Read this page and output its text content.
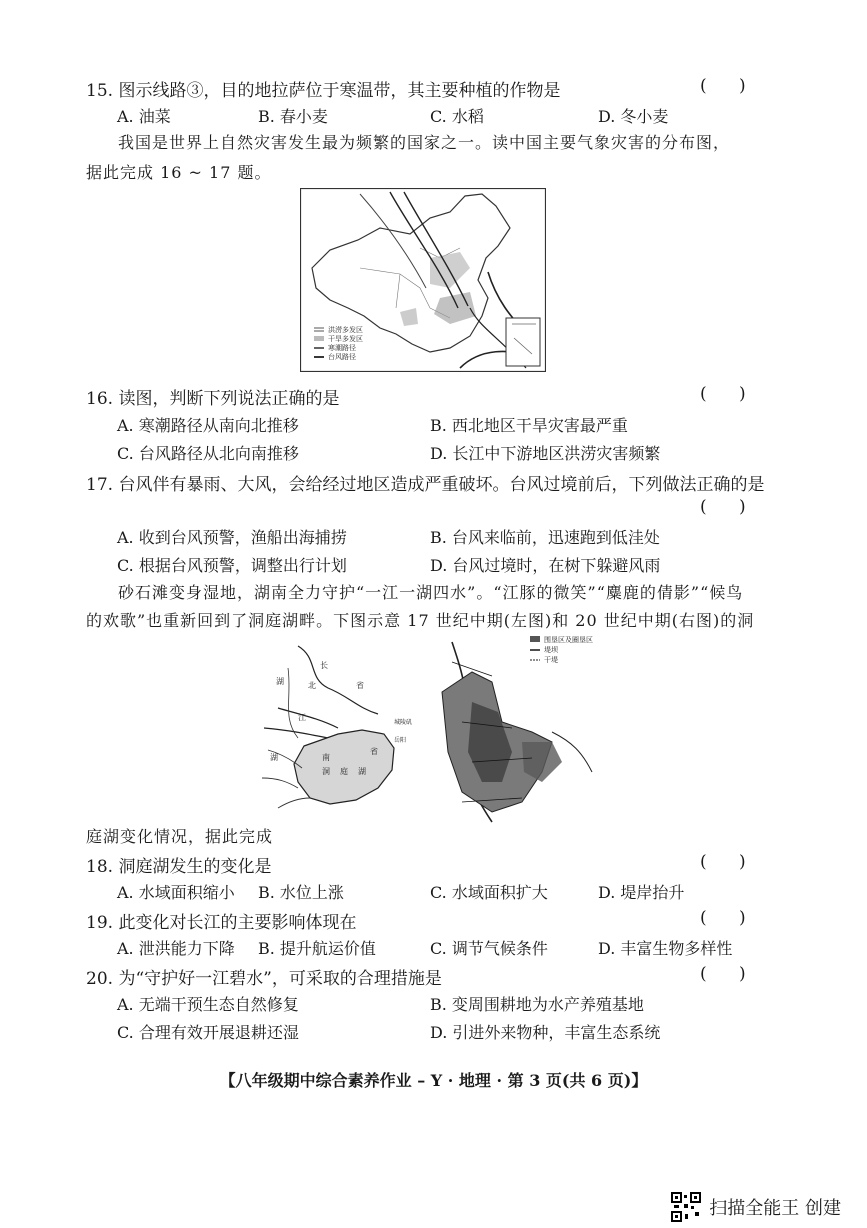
15. 图示线路③，目的地拉萨位于寒温带，其主要种植的作物是	(      )
A. 油菜	B. 春小麦	C. 水稻	D. 冬小麦
我国是世界上自然灾害发生最为频繁的国家之一。读中国主要气象灾害的分布图，
据此完成 16 ~ 17 题。
洪涝多发区
干旱多发区
寒潮路径
台风路径
16. 读图，判断下列说法正确的是	(      )
A. 寒潮路径从南向北推移	B. 西北地区干旱灾害最严重
C. 台风路径从北向南推移	D. 长江中下游地区洪涝灾害频繁
17. 台风伴有暴雨、大风，会给经过地区造成严重破坏。台风过境前后，下列做法正确的是
(      )
A. 收到台风预警，渔船出海捕捞	B. 台风来临前，迅速跑到低洼处
C. 根据台风预警，调整出行计划	D. 台风过境时，在树下躲避风雨
砂石滩变身湿地，湖南全力守护“一江一湖四水”。“江豚的微笑”“麋鹿的倩影”“候鸟
的欢歌”也重新回到了洞庭湖畔。下图示意 17 世纪中期(左图)和 20 世纪中期(右图)的洞
长
湖	北	省
江
湖	南
洞 庭 湖
省
岳阳
城陵矶
围垦区及圈垦区
堤坝
干堤
庭湖变化情况，据此完成
18. 洞庭湖发生的变化是	(      )
A. 水域面积缩小 B. 水位上涨	C. 水域面积扩大	D. 堤岸抬升
19. 此变化对长江的主要影响体现在	(      )
A. 泄洪能力下降 B. 提升航运价值	C. 调节气候条件	D. 丰富生物多样性
20. 为“守护好一江碧水”，可采取的合理措施是	(      )
A. 无端干预生态自然修复	B. 变周围耕地为水产养殖基地
C. 合理有效开展退耕还湿	D. 引进外来物种，丰富生态系统
【八年级期中综合素养作业 – Y · 地理 · 第 3 页(共 6 页)】
扫描全能王 创建
